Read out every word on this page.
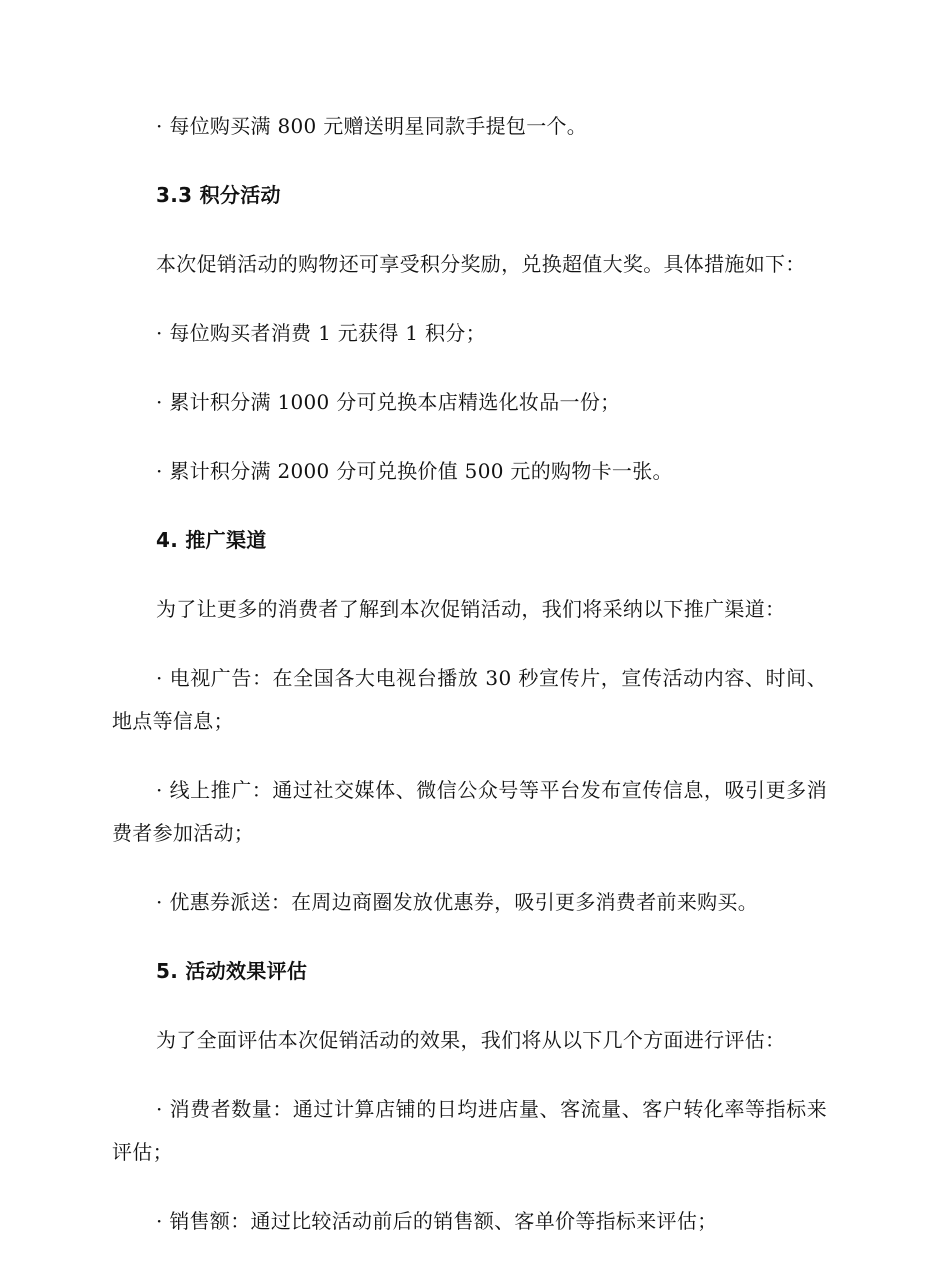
· 每位购买满 800 元赠送明星同款手提包一个。

3.3 积分活动

本次促销活动的购物还可享受积分奖励，兑换超值大奖。具体措施如下：

· 每位购买者消费 1 元获得 1 积分；

· 累计积分满 1000 分可兑换本店精选化妆品一份；

· 累计积分满 2000 分可兑换价值 500 元的购物卡一张。

4. 推广渠道

为了让更多的消费者了解到本次促销活动，我们将采纳以下推广渠道：

· 电视广告：在全国各大电视台播放 30 秒宣传片，宣传活动内容、时间、地点等信息；

· 线上推广：通过社交媒体、微信公众号等平台发布宣传信息，吸引更多消费者参加活动；

· 优惠券派送：在周边商圈发放优惠券，吸引更多消费者前来购买。

5. 活动效果评估

为了全面评估本次促销活动的效果，我们将从以下几个方面进行评估：

· 消费者数量：通过计算店铺的日均进店量、客流量、客户转化率等指标来评估；

· 销售额：通过比较活动前后的销售额、客单价等指标来评估；
